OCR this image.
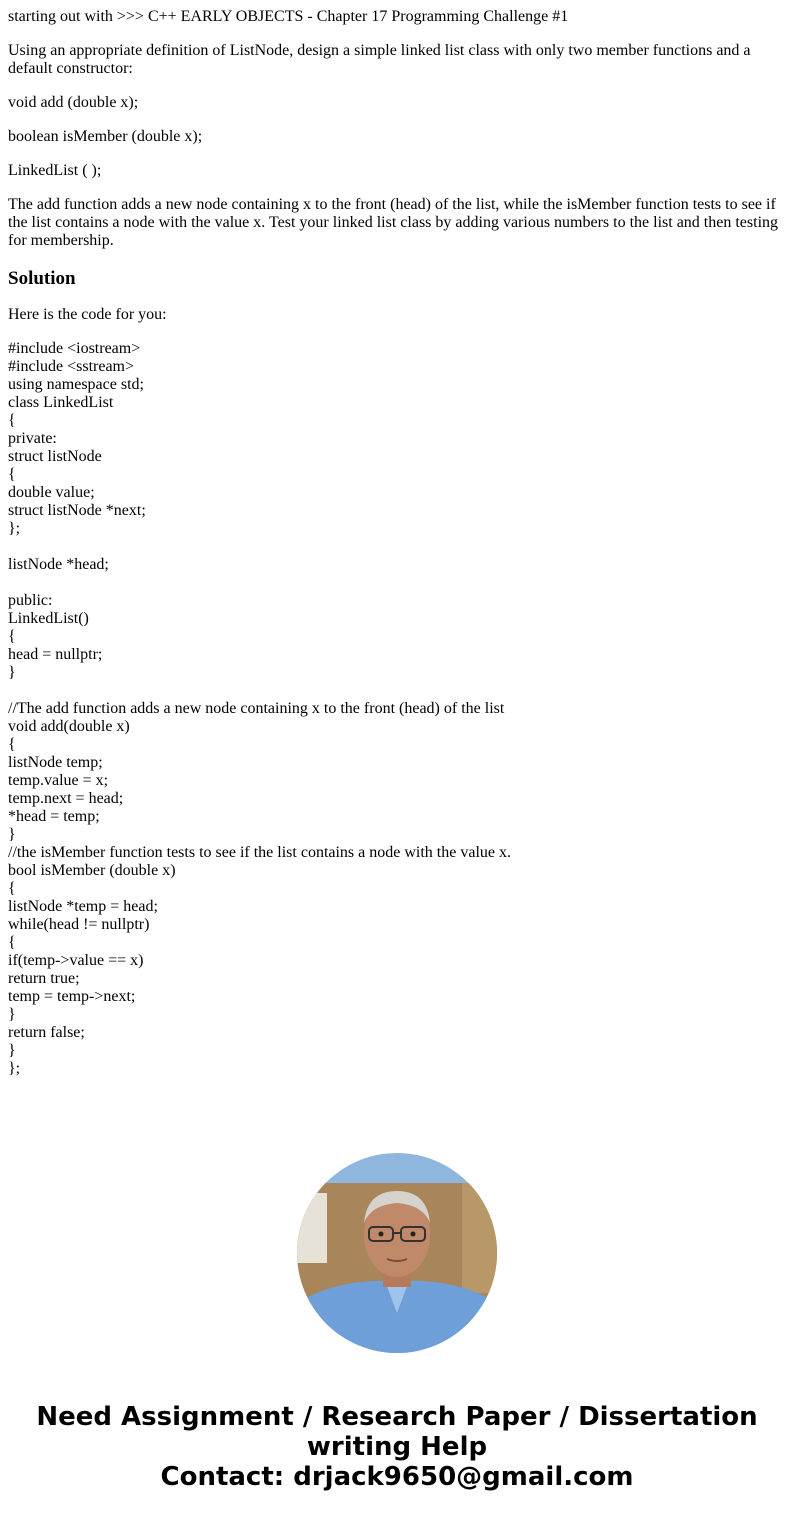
starting out with >>> C++ EARLY OBJECTS - Chapter 17 Programming Challenge #1

Using an appropriate definition of ListNode, design a simple linked list class with only two member functions and a default constructor:

void add (double x);

boolean isMember (double x);

LinkedList ( );

The add function adds a new node containing x to the front (head) of the list, while the isMember function tests to see if the list contains a node with the value x. Test your linked list class by adding various numbers to the list and then testing for membership.

Solution

Here is the code for you:

#include <iostream>
#include <sstream>
using namespace std;
class LinkedList
{
private:
struct listNode
{
double value;
struct listNode *next;
};
listNode *head;
public:
LinkedList()
{
head = nullptr;
}
//The add function adds a new node containing x to the front (head) of the list
void add(double x)
{
listNode temp;
temp.value = x;
temp.next = head;
*head = temp;
}
//the isMember function tests to see if the list contains a node with the value x.
bool isMember (double x)
{
listNode *temp = head;
while(head != nullptr)
{
if(temp->value == x)
return true;
temp = temp->next;
}
return false;
}
};
Need Assignment / Research Paper / Dissertation
writing Help
Contact: drjack9650@gmail.com
